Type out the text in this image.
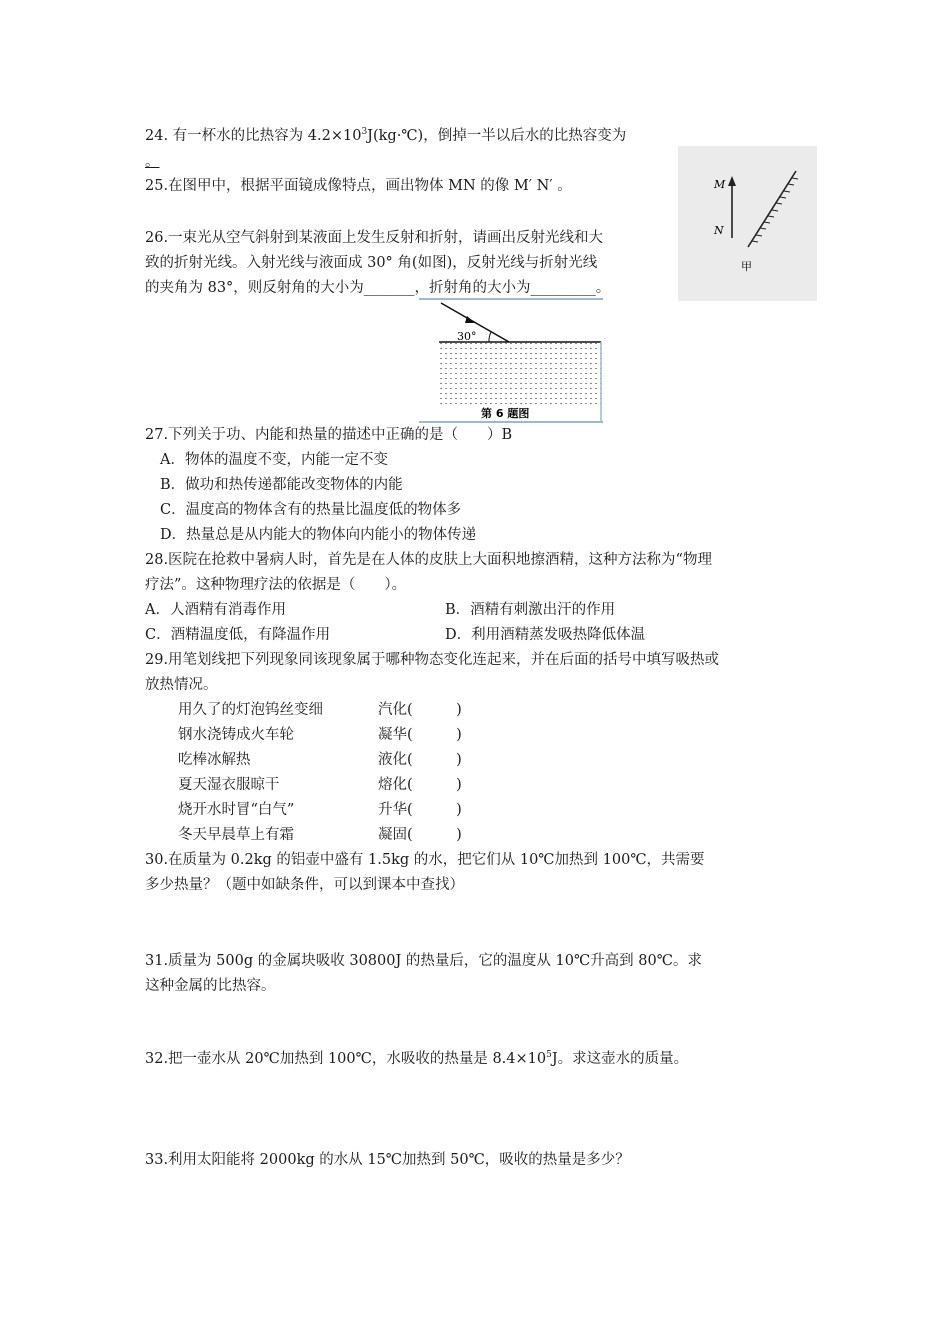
24. 有一杯水的比热容为 $4.2\times 10^3J(kg\cdot℃)$，倒掉一半以后水的比热容变为
。
25.在图甲中，根据平面镜成像特点，画出物体 MN 的像 M′ N′ 。	M
N
甲
26.一束光从空气斜射到某液面上发生反射和折射，请画出反射光线和大
致的折射光线。入射光线与液面成 30° 角(如图)，反射光线与折射光线
的夹角为 83°，则反射角的大小为_______，折射角的大小为_________。
30°
第 6 题图
27.下列关于功、内能和热量的描述中正确的是（　　）B
A．物体的温度不变，内能一定不变
B．做功和热传递都能改变物体的内能
C．温度高的物体含有的热量比温度低的物体多
D．热量总是从内能大的物体向内能小的物体传递
28.医院在抢救中暑病人时，首先是在人体的皮肤上大面积地擦酒精，这种方法称为“物理
疗法”。这种物理疗法的依据是（　　）。
A．人酒精有消毒作用	B．酒精有刺激出汗的作用
C．酒精温度低，有降温作用	D．利用酒精蒸发吸热降低体温
29.用笔划线把下列现象同该现象属于哪种物态变化连起来，并在后面的括号中填写吸热或
放热情况。
用久了的灯泡钨丝变细	汽化(　　　)
钢水浇铸成火车轮	凝华(　　　)
吃棒冰解热	液化(　　　)
夏天湿衣服晾干	熔化(　　　)
烧开水时冒“白气”	升华(　　　)
冬天早晨草上有霜	凝固(　　　)
30.在质量为 0.2kg 的铝壶中盛有 1.5kg 的水，把它们从 10℃加热到 100℃，共需要
多少热量？（题中如缺条件，可以到课本中查找）
31.质量为 500g 的金属块吸收 30800J 的热量后，它的温度从 10℃升高到 80℃。求
这种金属的比热容。
32.把一壶水从 20℃加热到 100℃，水吸收的热量是 $8.4\times 10^5J$。求这壶水的质量。
33.利用太阳能将 2000kg 的水从 15℃加热到 50℃，吸收的热量是多少？
